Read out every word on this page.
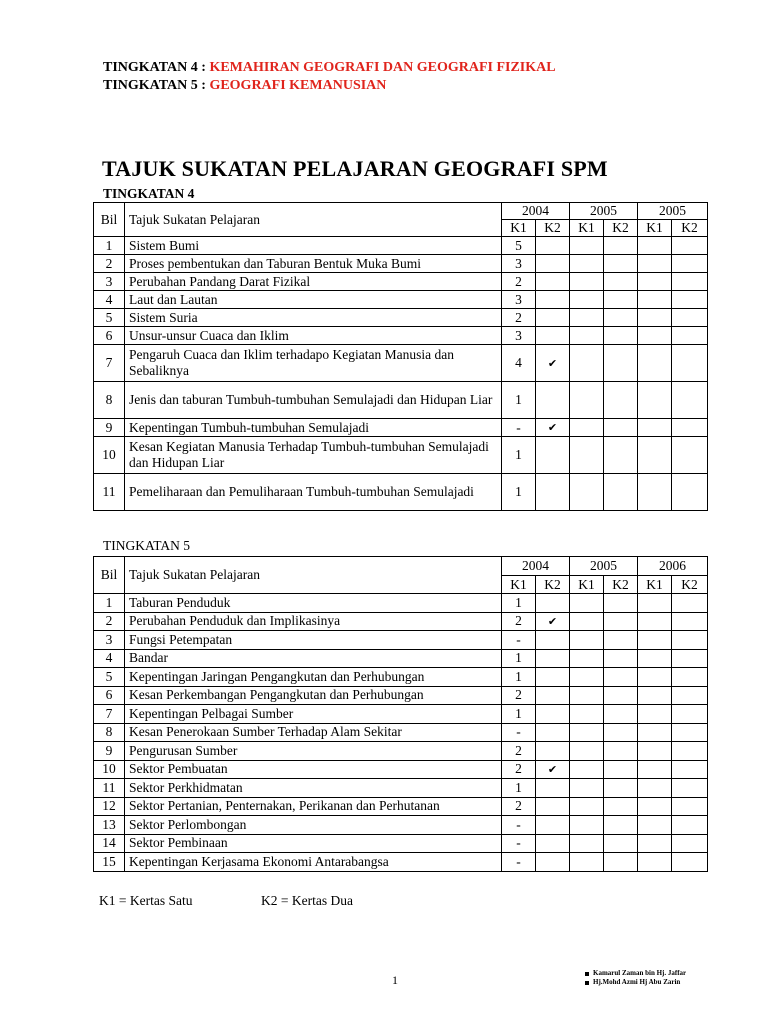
TINGKATAN 4 : KEMAHIRAN GEOGRAFI DAN GEOGRAFI FIZIKAL
TINGKATAN 5 : GEOGRAFI KEMANUSIAN
TAJUK SUKATAN PELAJARAN GEOGRAFI SPM
TINGKATAN 4
Bil	Tajuk Sukatan Pelajaran	2004		2005		2005	
		K1	K2	K1	K2	K1	K2
1	Sistem Bumi	5					
2	Proses pembentukan dan Taburan Bentuk Muka Bumi	3					
3	Perubahan Pandang Darat Fizikal	2					
4	Laut dan Lautan	3					
5	Sistem Suria	2					
6	Unsur-unsur Cuaca dan Iklim	3					
7	Pengaruh Cuaca dan Iklim terhadapo Kegiatan Manusia dan Sebaliknya	4	✔				
8	Jenis dan taburan Tumbuh-tumbuhan Semulajadi dan Hidupan Liar	1					
9	Kepentingan Tumbuh-tumbuhan Semulajadi	-	✔				
10	Kesan Kegiatan Manusia Terhadap Tumbuh-tumbuhan Semulajadi dan Hidupan Liar	1					
11	Pemeliharaan dan Pemuliharaan Tumbuh-tumbuhan Semulajadi	1					
TINGKATAN 5
Bil	Tajuk Sukatan Pelajaran	2004		2005		2006	
		K1	K2	K1	K2	K1	K2
1	Taburan Penduduk	1					
2	Perubahan Penduduk dan Implikasinya	2	✔				
3	Fungsi Petempatan	-					
4	Bandar	1					
5	Kepentingan Jaringan Pengangkutan dan Perhubungan	1					
6	Kesan Perkembangan Pengangkutan dan Perhubungan	2					
7	Kepentingan Pelbagai Sumber	1					
8	Kesan Penerokaan Sumber Terhadap Alam Sekitar	-					
9	Pengurusan Sumber	2					
10	Sektor Pembuatan	2	✔				
11	Sektor Perkhidmatan	1					
12	Sektor Pertanian, Penternakan, Perikanan dan Perhutanan	2					
13	Sektor Perlombongan	-					
14	Sektor Pembinaan	-					
15	Kepentingan Kerjasama Ekonomi Antarabangsa	-					
K1 = Kertas Satu	K2 = Kertas Dua
1	Kamarul Zaman bin Hj. Jaffar
Hj.Mohd Azmi Hj Abu Zarin
